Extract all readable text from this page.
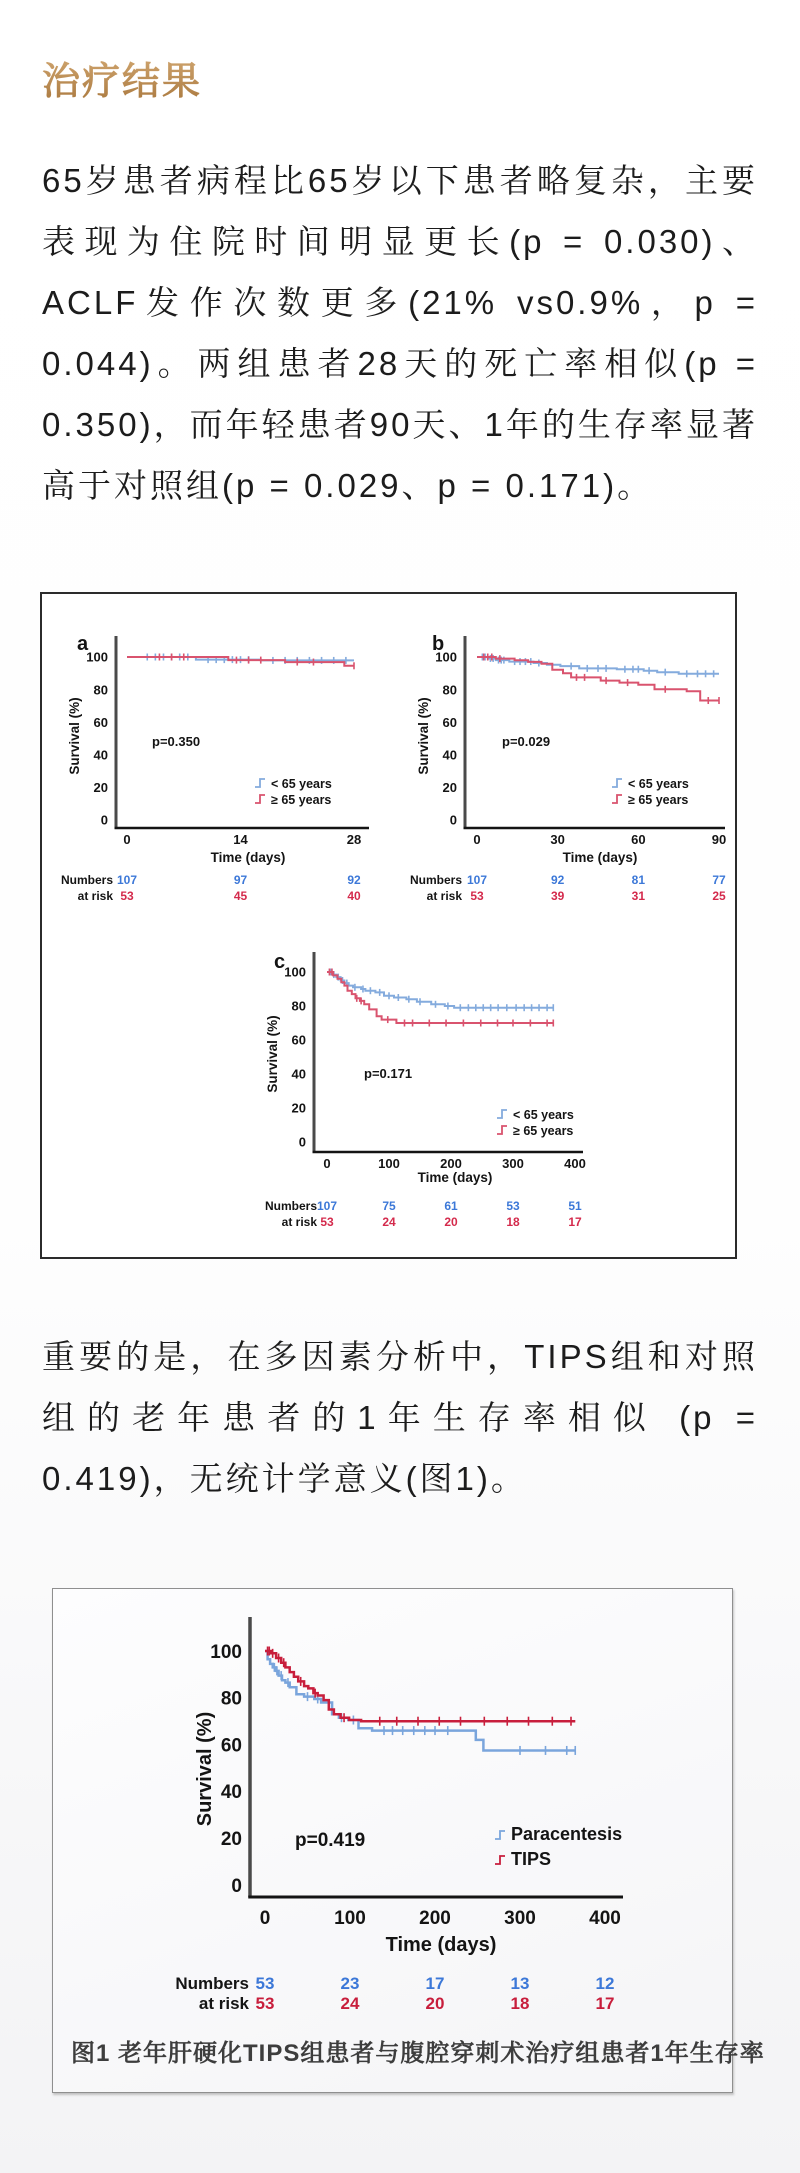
治疗结果

65岁患者病程比65岁以下患者略复杂，主要表现为住院时间明显更长(p = 0.030)、ACLF发作次数更多(21% vs0.9%，p = 0.044)。两组患者28天的死亡率相似(p = 0.350)，而年轻患者90天、1年的生存率显著高于对照组(p = 0.029、p = 0.171)。

0
20
40
60
80
100
0	14	28
Time (days)
Survival (%)	p=0.350
a
< 65 years
≥ 65 years
Numbers
at risk
107	97	92
53	45	40
0
20
40
60
80
100
0	30	60	90
Time (days)
Survival (%)	p=0.029
b
< 65 years
≥ 65 years
Numbers
at risk
107	92	81	77
53	39	31	25
0
20
40
60
80
100
0	100	200	300	400
Time (days)
Survival (%)	p=0.171
c
< 65 years
≥ 65 years
Numbers
at risk
107	75	61	53	51
53	24	20	18	17

重要的是，在多因素分析中，TIPS组和对照组的老年患者的1年生存率相似 (p = 0.419)，无统计学意义(图1)。

0
20
40
60
80
100
0	100	200	300	400
Time (days)
Survival (%)
p=0.419	Paracentesis
TIPS
Numbers
at risk
53	23	17	13	12
53	24	20	18	17
图1 老年肝硬化TIPS组患者与腹腔穿刺术治疗组患者1年生存率
